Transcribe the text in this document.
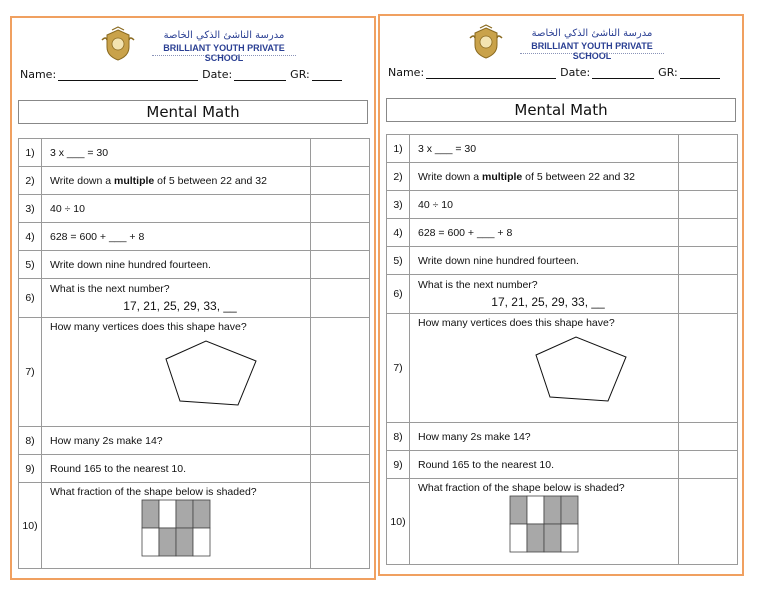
مدرسة الناشئ الذكي الخاصة
BRILLIANT YOUTH PRIVATE SCHOOL
Name:	Date:	GR:
Mental Math
1)	3 x ___ = 30	
2)	Write down a multiple of 5 between 22 and 32	
3)	40 ÷ 10	
4)	628 = 600 + ___ + 8	
5)	Write down nine hundred fourteen.	
6)	What is the next number?
17, 21, 25, 29, 33, __	

7)	How many vertices does this shape have?	

8)	How many 2s make 14?	
9)	Round 165 to the nearest 10.	
10)	What fraction of the shape below is shaded?	

مدرسة الناشئ الذكي الخاصة
BRILLIANT YOUTH PRIVATE SCHOOL
Name:	Date:	GR:
Mental Math
1)	3 x ___ = 30	
2)	Write down a multiple of 5 between 22 and 32	
3)	40 ÷ 10	
4)	628 = 600 + ___ + 8	
5)	Write down nine hundred fourteen.	
6)	What is the next number?
17, 21, 25, 29, 33, __	

7)	How many vertices does this shape have?	

8)	How many 2s make 14?	
9)	Round 165 to the nearest 10.	
10)	What fraction of the shape below is shaded?	
